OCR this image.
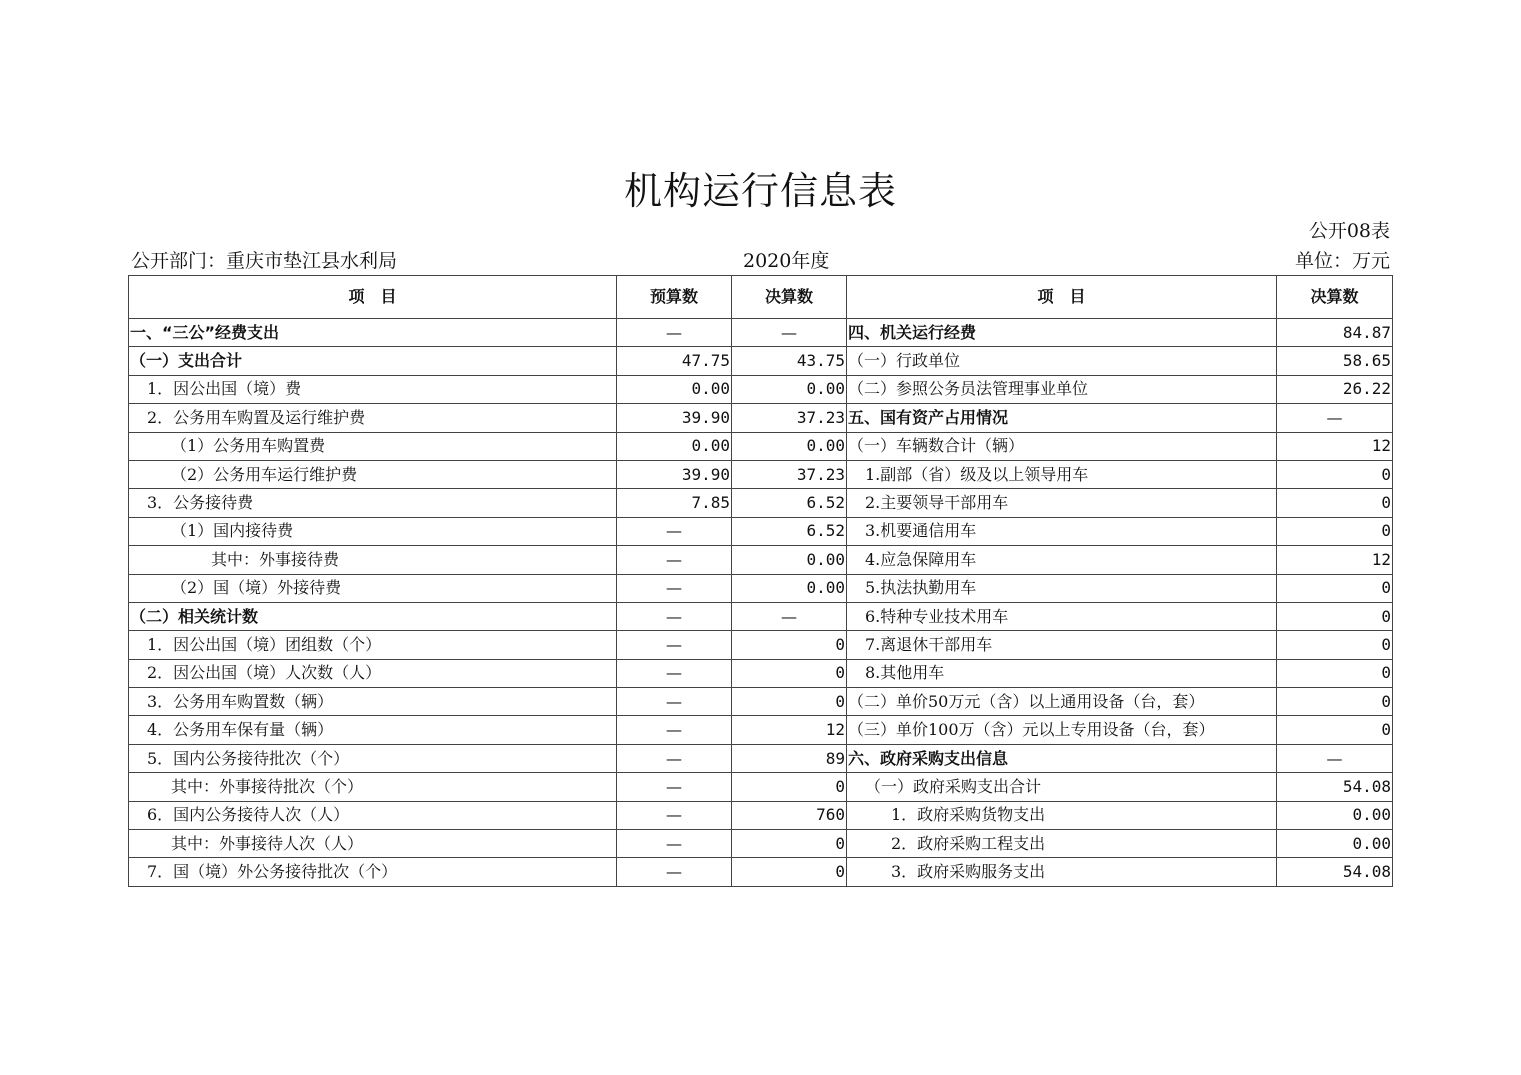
机构运行信息表
公开08表
公开部门：重庆市垫江县水利局	2020年度	单位：万元
项　目	预算数	决算数	项　目	决算数
一、“三公”经费支出	—	—	四、机关运行经费	84.87
（一）支出合计	47.75	43.75	（一）行政单位	58.65
1．因公出国（境）费	0.00	0.00	（二）参照公务员法管理事业单位	26.22
2．公务用车购置及运行维护费	39.90	37.23	五、国有资产占用情况	—
（1）公务用车购置费	0.00	0.00	（一）车辆数合计（辆）	12
（2）公务用车运行维护费	39.90	37.23	1.副部（省）级及以上领导用车	0
3．公务接待费	7.85	6.52	2.主要领导干部用车	0
（1）国内接待费	—	6.52	3.机要通信用车	0
其中：外事接待费	—	0.00	4.应急保障用车	12
（2）国（境）外接待费	—	0.00	5.执法执勤用车	0
（二）相关统计数	—	—	6.特种专业技术用车	0
1．因公出国（境）团组数（个）	—	0	7.离退休干部用车	0
2．因公出国（境）人次数（人）	—	0	8.其他用车	0
3．公务用车购置数（辆）	—	0	（二）单价50万元（含）以上通用设备（台，套）	0
4．公务用车保有量（辆）	—	12	（三）单价100万（含）元以上专用设备（台，套）	0
5．国内公务接待批次（个）	—	89	六、政府采购支出信息	—
其中：外事接待批次（个）	—	0	（一）政府采购支出合计	54.08
6．国内公务接待人次（人）	—	760	1．政府采购货物支出	0.00
其中：外事接待人次（人）	—	0	2．政府采购工程支出	0.00
7．国（境）外公务接待批次（个）	—	0	3．政府采购服务支出	54.08
